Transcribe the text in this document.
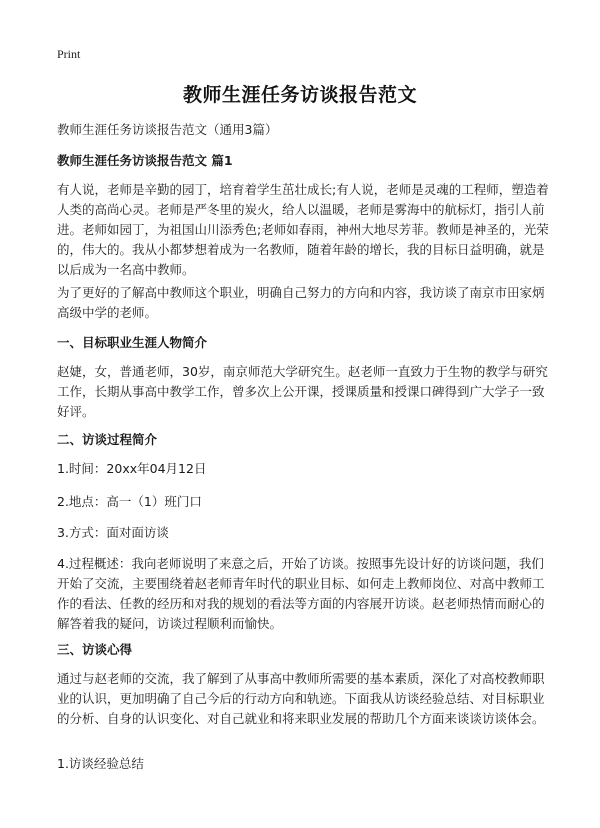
Print
教师生涯任务访谈报告范文
教师生涯任务访谈报告范文（通用3篇）
教师生涯任务访谈报告范文 篇1
有人说，老师是辛勤的园丁，培育着学生茁壮成长;有人说，老师是灵魂的工程师，塑造着人类的高尚心灵。老师是严冬里的炭火，给人以温暖，老师是雾海中的航标灯，指引人前进。老师如园丁，为祖国山川添秀色;老师如春雨，神州大地尽芳菲。教师是神圣的，光荣的，伟大的。我从小都梦想着成为一名教师，随着年龄的增长，我的目标日益明确，就是以后成为一名高中教师。
为了更好的了解高中教师这个职业，明确自己努力的方向和内容，我访谈了南京市田家炳高级中学的老师。
一、目标职业生涯人物简介
赵婕，女，普通老师，30岁，南京师范大学研究生。赵老师一直致力于生物的教学与研究工作，长期从事高中教学工作，曾多次上公开课，授课质量和授课口碑得到广大学子一致好评。
二、访谈过程简介
1.时间：20xx年04月12日
2.地点：高一（1）班门口
3.方式：面对面访谈
4.过程概述：我向老师说明了来意之后，开始了访谈。按照事先设计好的访谈问题，我们开始了交流，主要围绕着赵老师青年时代的职业目标、如何走上教师岗位、对高中教师工作的看法、任教的经历和对我的规划的看法等方面的内容展开访谈。赵老师热情而耐心的解答着我的疑问，访谈过程顺利而愉快。
三、访谈心得
通过与赵老师的交流，我了解到了从事高中教师所需要的基本素质，深化了对高校教师职业的认识，更加明确了自己今后的行动方向和轨迹。下面我从访谈经验总结、对目标职业的分析、自身的认识变化、对自己就业和将来职业发展的帮助几个方面来谈谈访谈体会。
1.访谈经验总结
